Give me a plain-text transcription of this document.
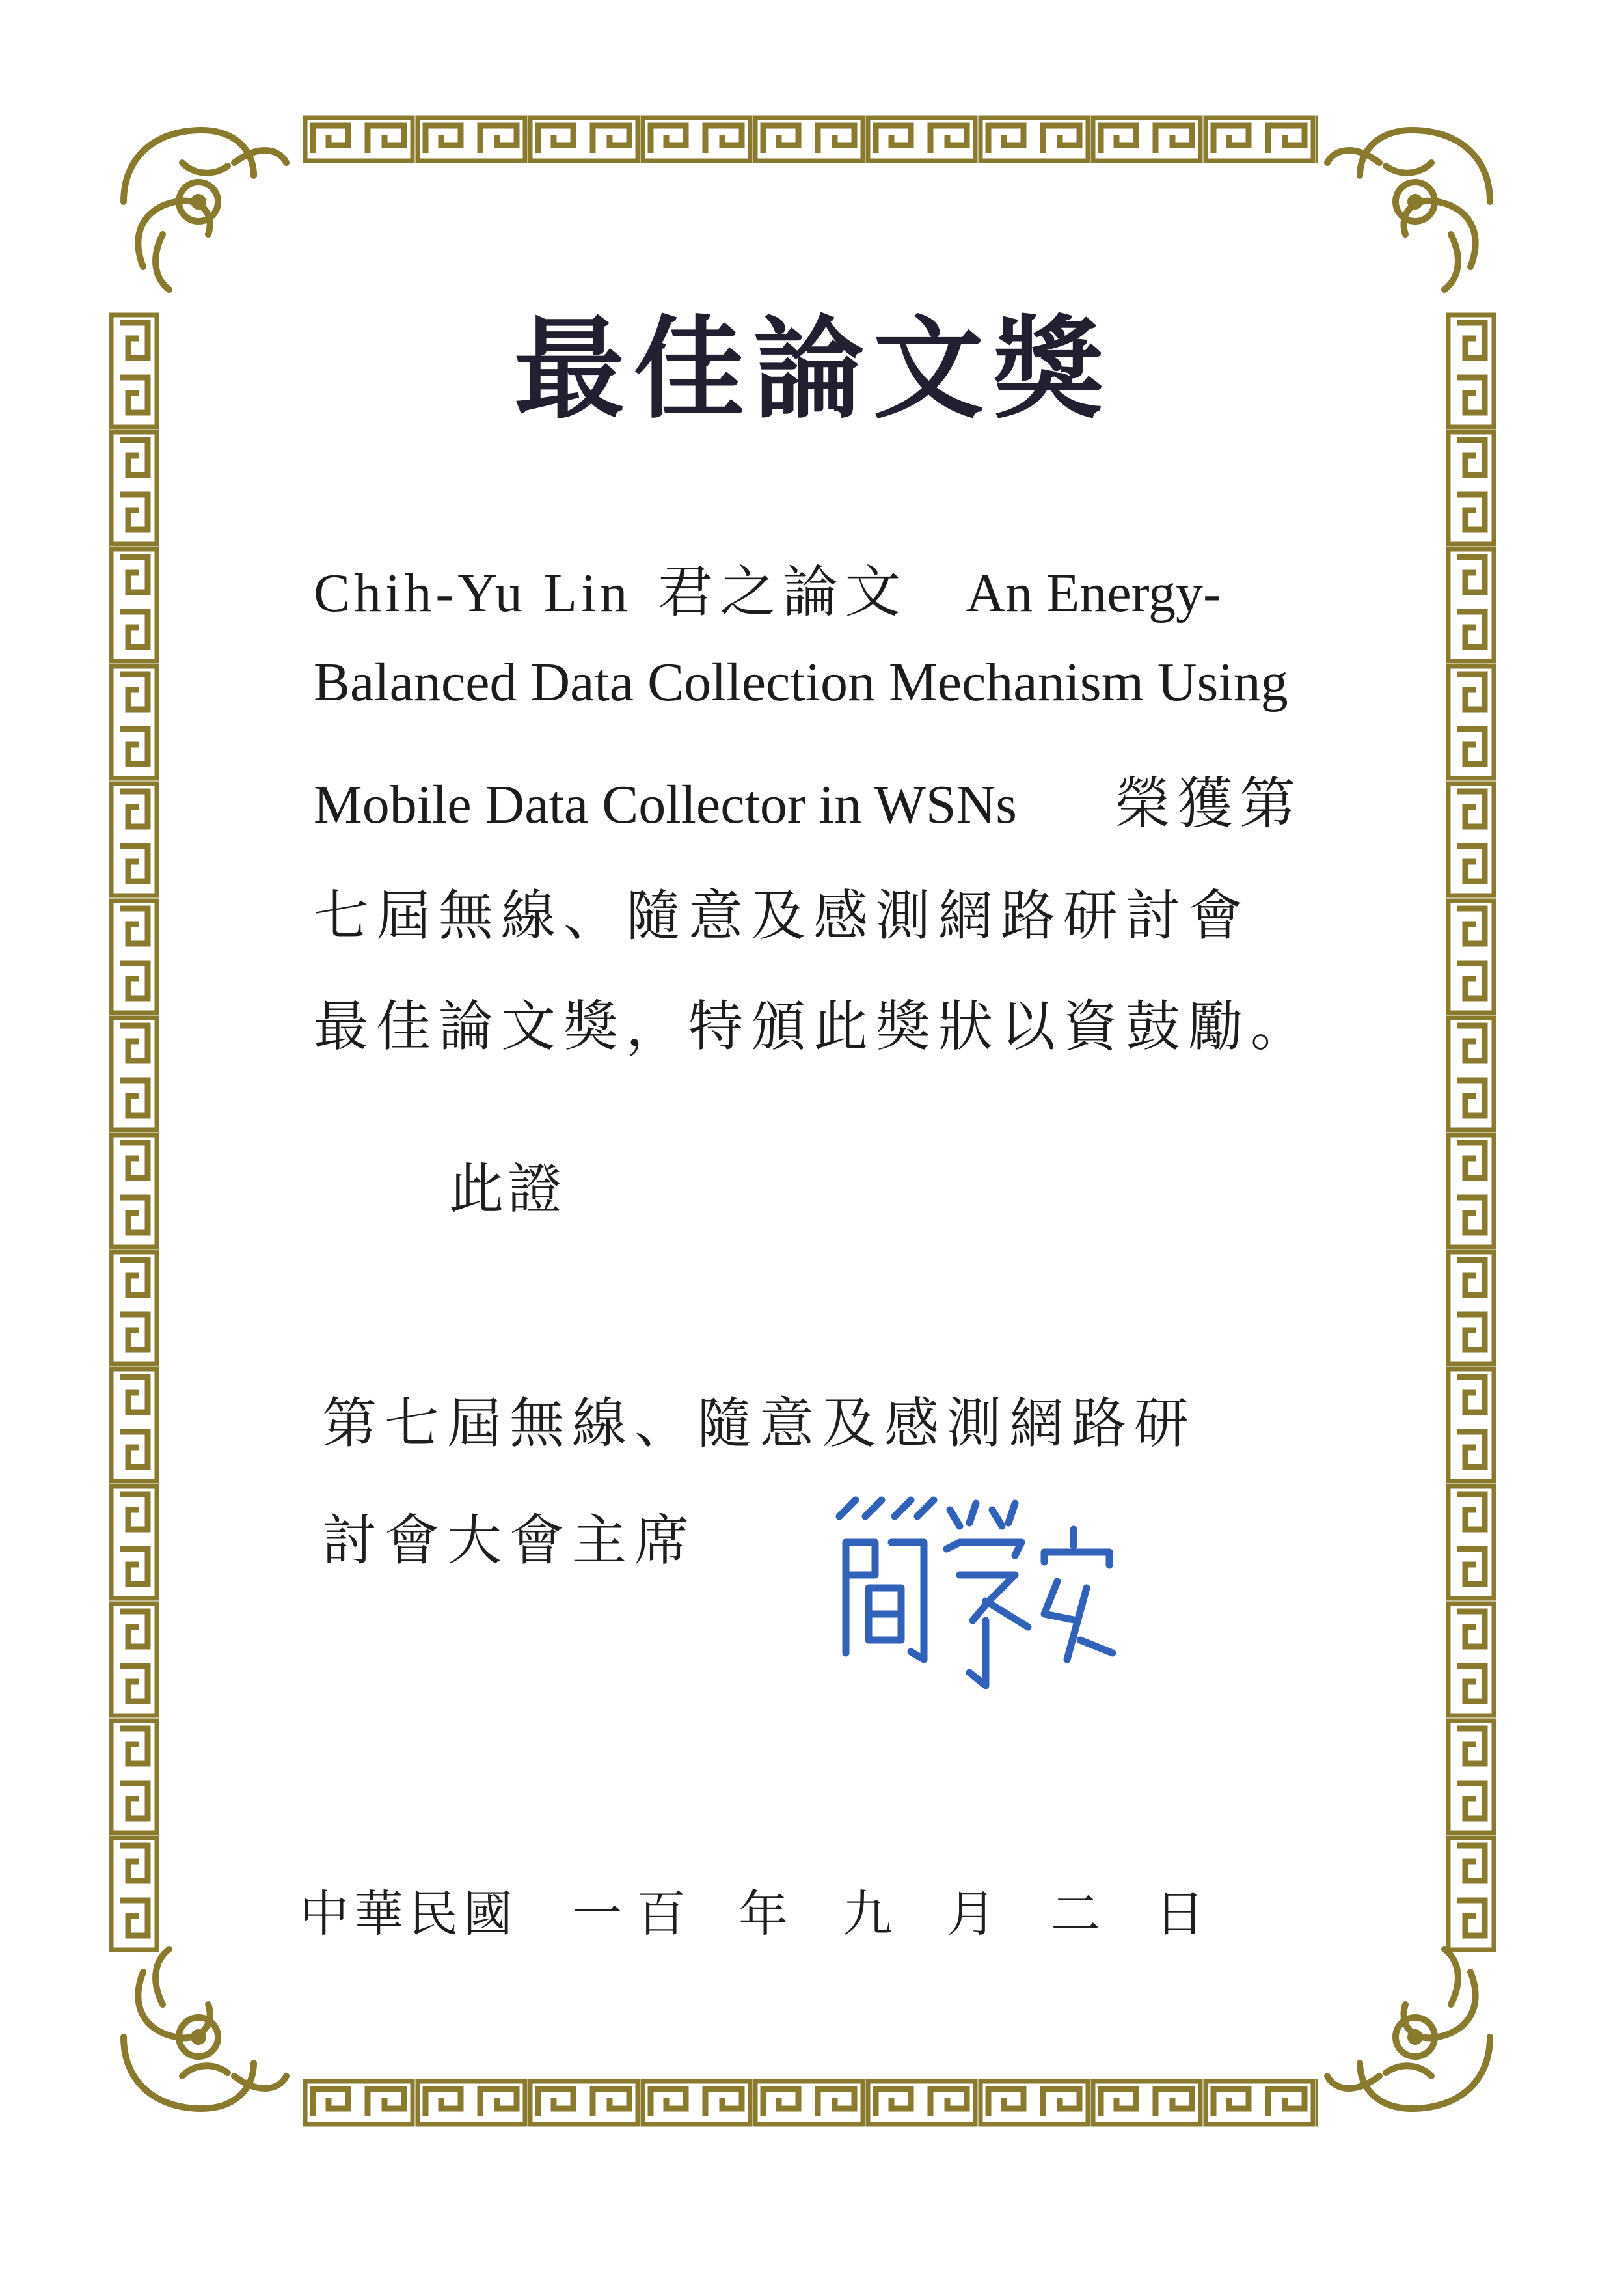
最佳論文獎
Chih-Yu Lin 君之論文 An Energy-
Balanced Data Collection Mechanism Using
Mobile Data Collector in WSNs 榮獲第
七屆無線、隨意及感測網路研討會
最佳論文獎，特頒此獎狀以資鼓勵。
此證
第七屆無線、隨意及感測網路研
討會大會主席
中華民國	一百 年	九	月	二	日
